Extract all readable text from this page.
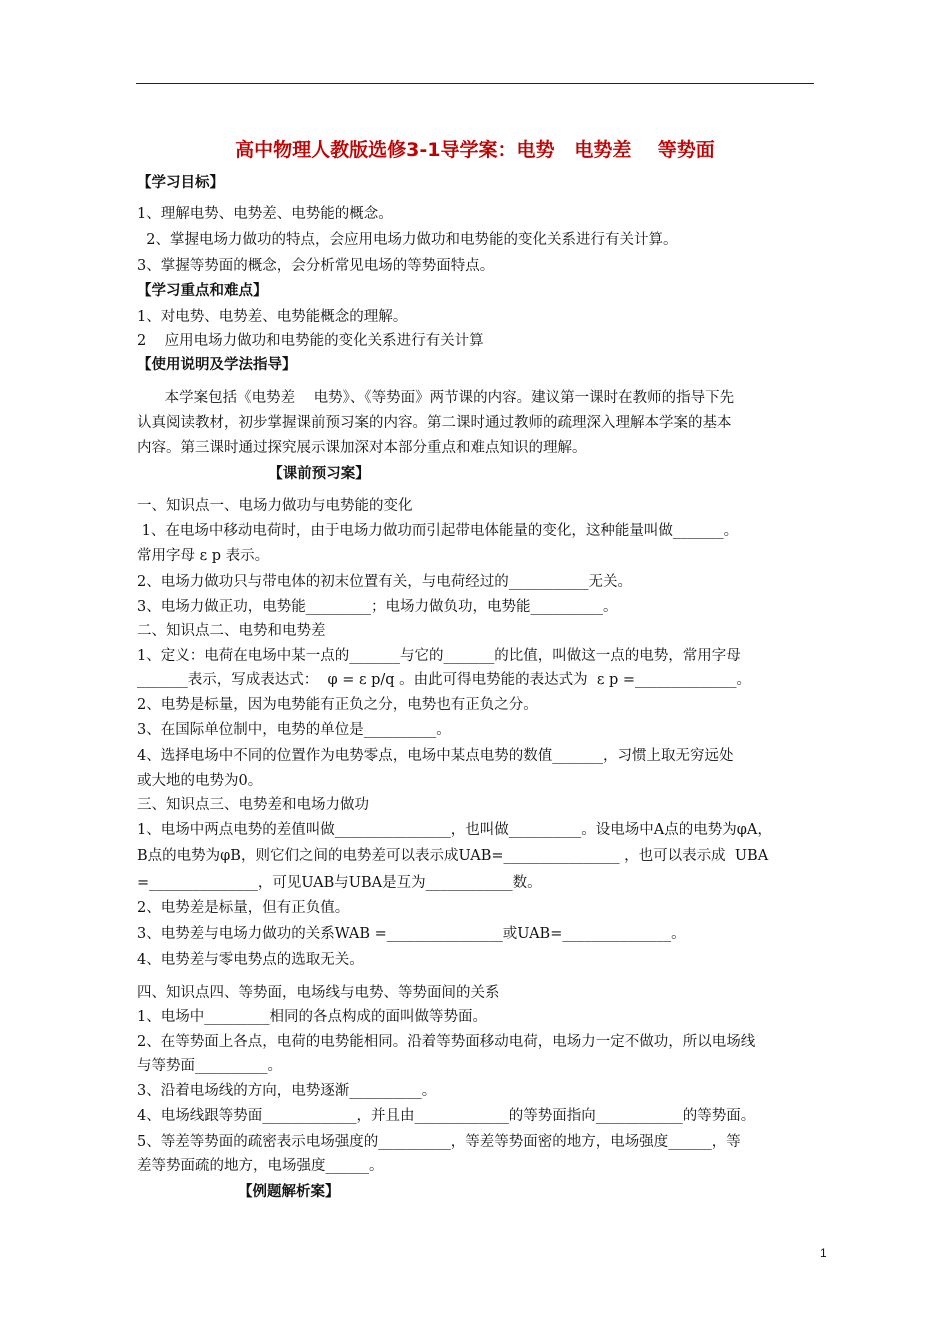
高中物理人教版选修3-1导学案：电势   电势差    等势面
【学习目标】
1、理解电势、电势差、电势能的概念。
2、掌握电场力做功的特点，会应用电场力做功和电势能的变化关系进行有关计算。
3、掌握等势面的概念，会分析常见电场的等势面特点。
【学习重点和难点】
1、对电势、电势差、电势能概念的理解。
2    应用电场力做功和电势能的变化关系进行有关计算
【使用说明及学法指导】
本学案包括《电势差    电势》、《等势面》两节课的内容。建议第一课时在教师的指导下先
认真阅读教材，初步掌握课前预习案的内容。第二课时通过教师的疏理深入理解本学案的基本
内容。第三课时通过探究展示课加深对本部分重点和难点知识的理解。
【课前预习案】
一、知识点一、电场力做功与电势能的变化
1、在电场中移动电荷时，由于电场力做功而引起带电体能量的变化，这种能量叫做_______。
常用字母 ε p 表示。
2、电场力做功只与带电体的初末位置有关，与电荷经过的___________无关。
3、电场力做正功，电势能_________；电场力做负功，电势能__________。
二、知识点二、电势和电势差
1、定义：电荷在电场中某一点的_______与它的_______的比值，叫做这一点的电势，常用字母
_______表示，写成表达式：  φ = ε p/q 。由此可得电势能的表达式为  ε p =______________。
2、电势是标量，因为电势能有正负之分，电势也有正负之分。
3、在国际单位制中，电势的单位是__________。
4、选择电场中不同的位置作为电势零点，电场中某点电势的数值_______，习惯上取无穷远处
或大地的电势为0。
三、知识点三、电势差和电场力做功
1、电场中两点电势的差值叫做________________，也叫做__________。设电场中A点的电势为φA，
B点的电势为φB，则它们之间的电势差可以表示成UAB=________________ ，也可以表示成  UBA
=_______________，可见UAB与UBA是互为____________数。
2、电势差是标量，但有正负值。
3、电势差与电场力做功的关系WAB =________________或UAB=_______________。
4、电势差与零电势点的选取无关。
四、知识点四、等势面，电场线与电势、等势面间的关系
1、电场中_________相同的各点构成的面叫做等势面。
2、在等势面上各点，电荷的电势能相同。沿着等势面移动电荷，电场力一定不做功，所以电场线
与等势面__________。
3、沿着电场线的方向，电势逐渐__________。
4、电场线跟等势面_____________，并且由_____________的等势面指向____________的等势面。
5、等差等势面的疏密表示电场强度的__________，等差等势面密的地方，电场强度______，等
差等势面疏的地方，电场强度______。
【例题解析案】
1
